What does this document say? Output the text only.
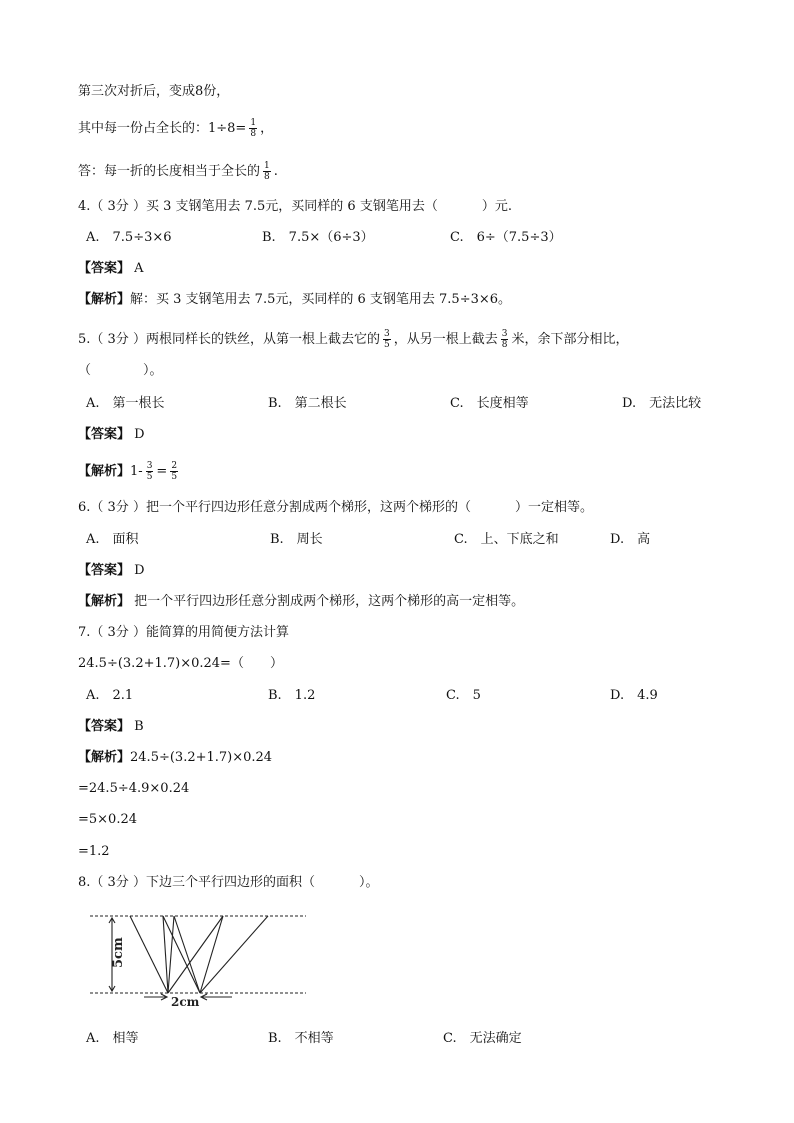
第三次对折后，变成8份，
其中每一份占全长的：$1\div 8= \frac{1}{8}$ ，
答：每一折的长度相当于全长的 $\frac{1}{8}$ .
4.（ 3分 ）买 3 支钢笔用去 7.5元，买同样的 6 支钢笔用去（	）元.
A.　7.5÷3×6	B.　7.5×（6÷3）	C.　6÷（7.5÷3）
【答案】 A
【解析】解：买 3 支钢笔用去 7.5元，买同样的 6 支钢笔用去 7.5÷3×6。
5.（ 3分 ）两根同样长的铁丝，从第一根上截去它的 $\frac{3}{5}$ ，从另一根上截去 $\frac{3}{8}$ 米，余下部分相比，
（　　　　）。
A.　第一根长	B.　第二根长	C.　长度相等	D.　无法比较
【答案】 D
【解析】$1- \frac{3}{5} = \frac{2}{5}$
6.（ 3分 ）把一个平行四边形任意分割成两个梯形，这两个梯形的（	）一定相等。
A.　面积	B.　周长	C.　上、下底之和	D.　高
【答案】 D
【解析】 把一个平行四边形任意分割成两个梯形，这两个梯形的高一定相等。
7.（ 3分 ）能简算的用简便方法计算
24.5÷(3.2+1.7)×0.24=（　　）
A.　2.1	B.　1.2	C.　5	D.　4.9
【答案】 B
【解析】24.5÷(3.2+1.7)×0.24
=24.5÷4.9×0.24
=5×0.24
=1.2
8.（ 3分 ）下边三个平行四边形的面积（	）。
5cm
2cm
A.　相等	B.　不相等	C.　无法确定
